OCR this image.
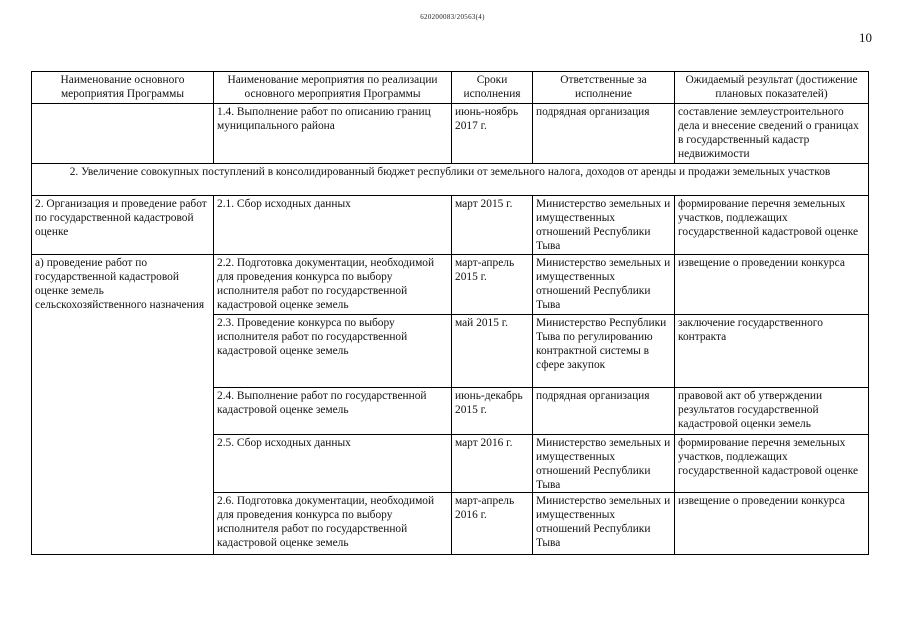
620200083/20563(4)
10
Наименование основного мероприятия Программы	Наименование мероприятия по реализации основного мероприятия Программы	Сроки исполнения	Ответственные за исполнение	Ожидаемый результат (достижение плановых показателей)
	1.4. Выполнение работ по описанию границ муниципального района	июнь-ноябрь 2017 г.	подрядная организация	составление землеустроительного дела и внесение сведений о границах в государственный кадастр недвижимости
2. Увеличение совокупных поступлений в консолидированный бюджет республики от земельного налога, доходов от аренды и продажи земельных участков				
2. Организация и проведение работ по государственной кадастровой оценке	2.1. Сбор исходных данных	март 2015 г.	Министерство земельных и имущественных отношений Республики Тыва	формирование перечня земельных участков, подлежащих государственной кадастровой оценке
а) проведение работ по государственной кадастровой оценке земель сельскохозяйственного назначения	2.2. Подготовка документации, необходимой для проведения конкурса по выбору исполнителя работ по государственной кадастровой оценке земель	март-апрель 2015 г.	Министерство земельных и имущественных отношений Республики Тыва	извещение о проведении конкурса
	2.3. Проведение конкурса по выбору исполнителя работ по государственной кадастровой оценке земель	май 2015 г.	Министерство Республики Тыва по регулированию контрактной системы в сфере закупок	заключение государственного контракта
	2.4. Выполнение работ по государственной кадастровой оценке земель	июнь-декабрь 2015 г.	подрядная организация	правовой акт об утверждении результатов государственной кадастровой оценки земель
	2.5. Сбор исходных данных	март 2016 г.	Министерство земельных и имущественных отношений Республики Тыва	формирование перечня земельных участков, подлежащих государственной кадастровой оценке
	2.6. Подготовка документации, необходимой для проведения конкурса по выбору исполнителя работ по государственной кадастровой оценке земель	март-апрель 2016 г.	Министерство земельных и имущественных отношений Республики Тыва	извещение о проведении конкурса
